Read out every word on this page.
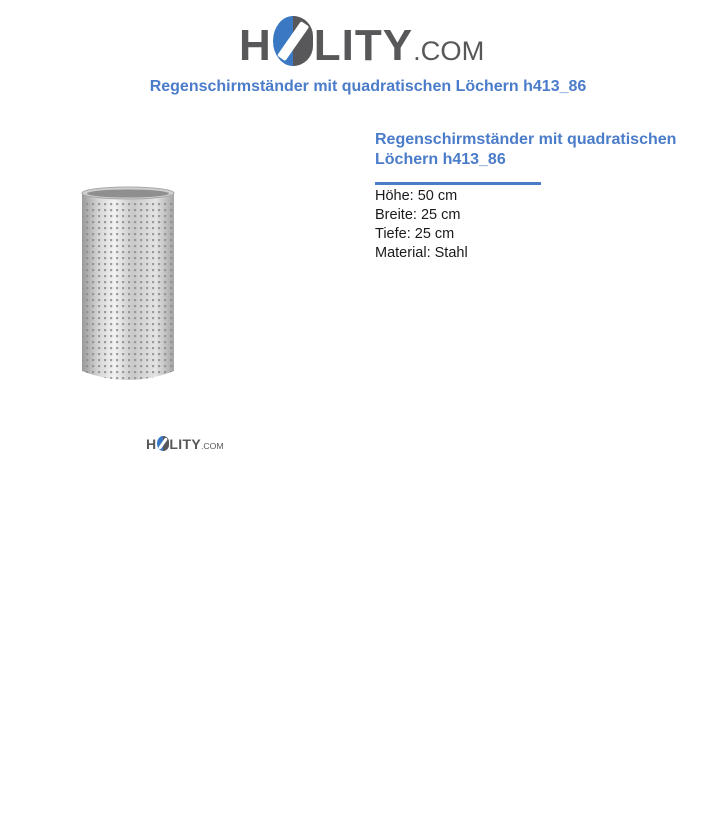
H LITY .COM
Regenschirmständer mit quadratischen Löchern h413_86
H LITY .COM
Regenschirmständer mit quadratischen Löchern h413_86
Höhe: 50 cm
Breite: 25 cm
Tiefe: 25 cm
Material: Stahl
